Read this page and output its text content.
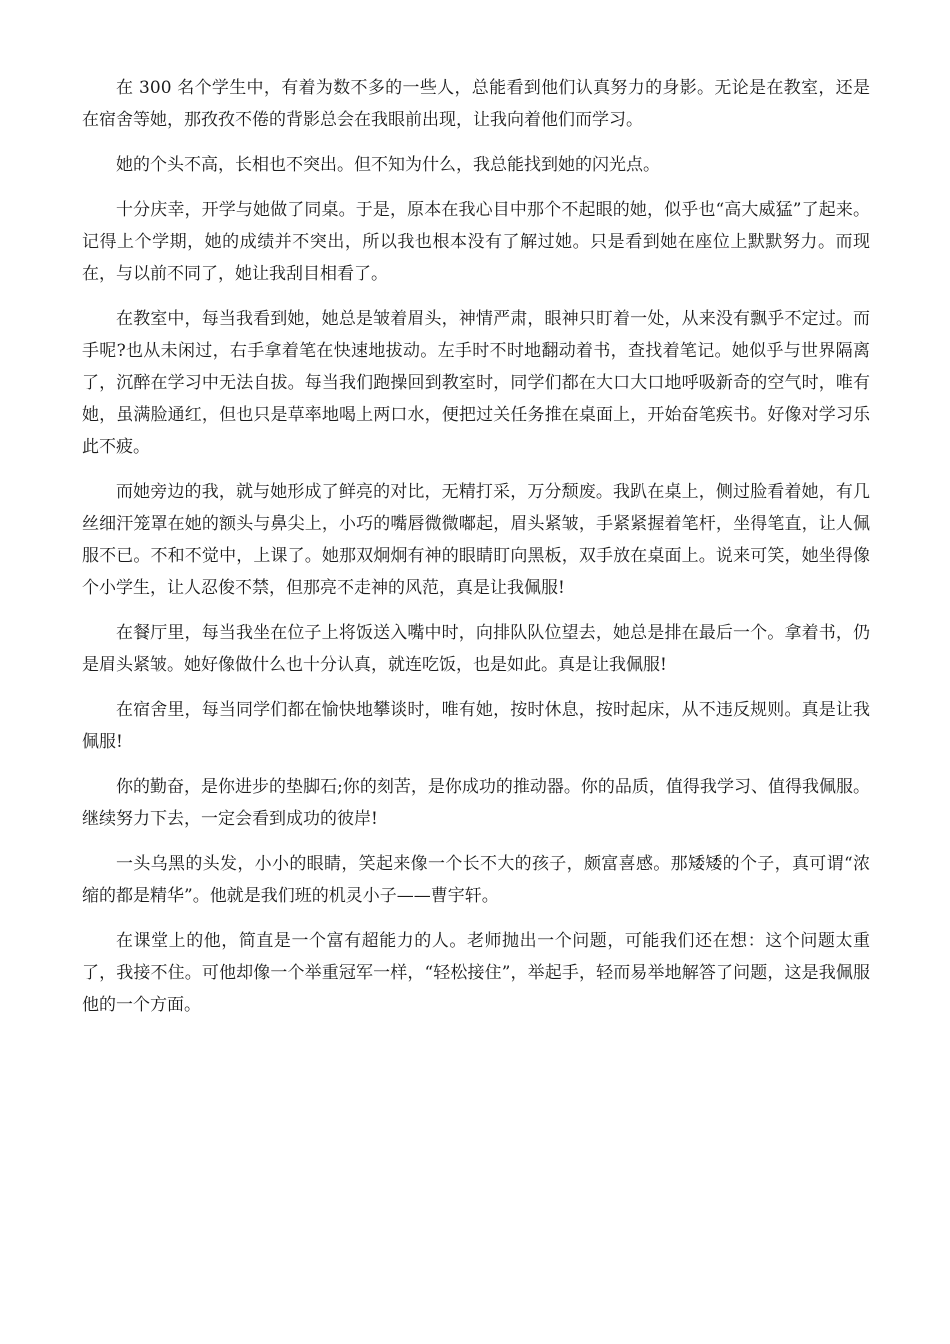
在 300 名个学生中，有着为数不多的一些人，总能看到他们认真努力的身影。无论是在教室，还是在宿舍等她，那孜孜不倦的背影总会在我眼前出现，让我向着他们而学习。

她的个头不高，长相也不突出。但不知为什么，我总能找到她的闪光点。

十分庆幸，开学与她做了同桌。于是，原本在我心目中那个不起眼的她，似乎也“高大威猛”了起来。记得上个学期，她的成绩并不突出，所以我也根本没有了解过她。只是看到她在座位上默默努力。而现在，与以前不同了，她让我刮目相看了。

在教室中，每当我看到她，她总是皱着眉头，神情严肃，眼神只盯着一处，从来没有飘乎不定过。而手呢?也从未闲过，右手拿着笔在快速地拔动。左手时不时地翻动着书，查找着笔记。她似乎与世界隔离了，沉醉在学习中无法自拔。每当我们跑操回到教室时，同学们都在大口大口地呼吸新奇的空气时，唯有她，虽满脸通红，但也只是草率地喝上两口水，便把过关任务推在桌面上，开始奋笔疾书。好像对学习乐此不疲。

而她旁边的我，就与她形成了鲜亮的对比，无精打采，万分颓废。我趴在桌上，侧过脸看着她，有几丝细汗笼罩在她的额头与鼻尖上，小巧的嘴唇微微嘟起，眉头紧皱，手紧紧握着笔杆，坐得笔直，让人佩服不已。不和不觉中，上课了。她那双炯炯有神的眼睛盯向黑板，双手放在桌面上。说来可笑，她坐得像个小学生，让人忍俊不禁，但那亮不走神的风范，真是让我佩服!

在餐厅里，每当我坐在位子上将饭送入嘴中时，向排队队位望去，她总是排在最后一个。拿着书，仍是眉头紧皱。她好像做什么也十分认真，就连吃饭，也是如此。真是让我佩服!

在宿舍里，每当同学们都在愉快地攀谈时，唯有她，按时休息，按时起床，从不违反规则。真是让我佩服!

你的勤奋，是你进步的垫脚石;你的刻苦，是你成功的推动器。你的品质，值得我学习、值得我佩服。继续努力下去，一定会看到成功的彼岸!

一头乌黑的头发，小小的眼睛，笑起来像一个长不大的孩子，颇富喜感。那矮矮的个子，真可谓“浓缩的都是精华”。他就是我们班的机灵小子——曹宇轩。

在课堂上的他，简直是一个富有超能力的人。老师抛出一个问题，可能我们还在想：这个问题太重了，我接不住。可他却像一个举重冠军一样，“轻松接住”，举起手，轻而易举地解答了问题，这是我佩服他的一个方面。
